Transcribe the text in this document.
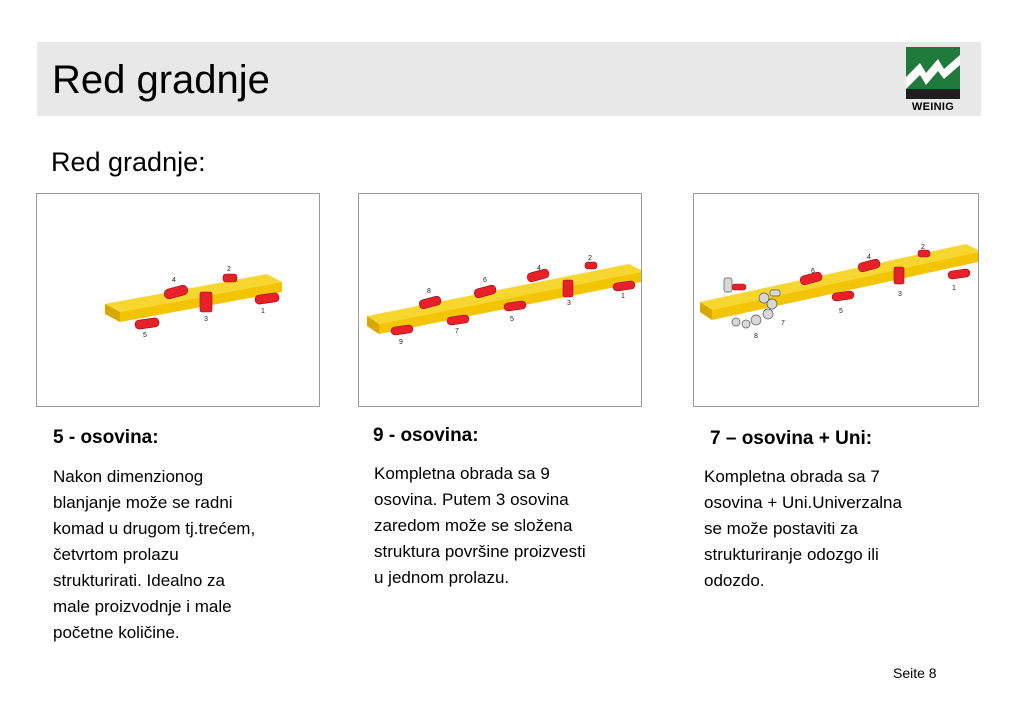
Red gradnje
WEINIG
Red gradnje:
1
2
3
4
5
1
2
3
4
5
6
7
8
9
1
2
3
4
5
6
7
8
5 - osovina:
Nakon dimenzionog
blanjanje može se radni
komad u drugom tj.trećem,
četvrtom prolazu
strukturirati. Idealno za
male proizvodnje i male
početne količine.
9 - osovina:
Kompletna obrada sa 9
osovina. Putem 3 osovina
zaredom može se složena
struktura površine proizvesti
u jednom prolazu.
7 – osovina + Uni:
Kompletna obrada sa 7
osovina + Uni.Univerzalna
se može postaviti za
strukturiranje odozgo ili
odozdo.
Seite 8
